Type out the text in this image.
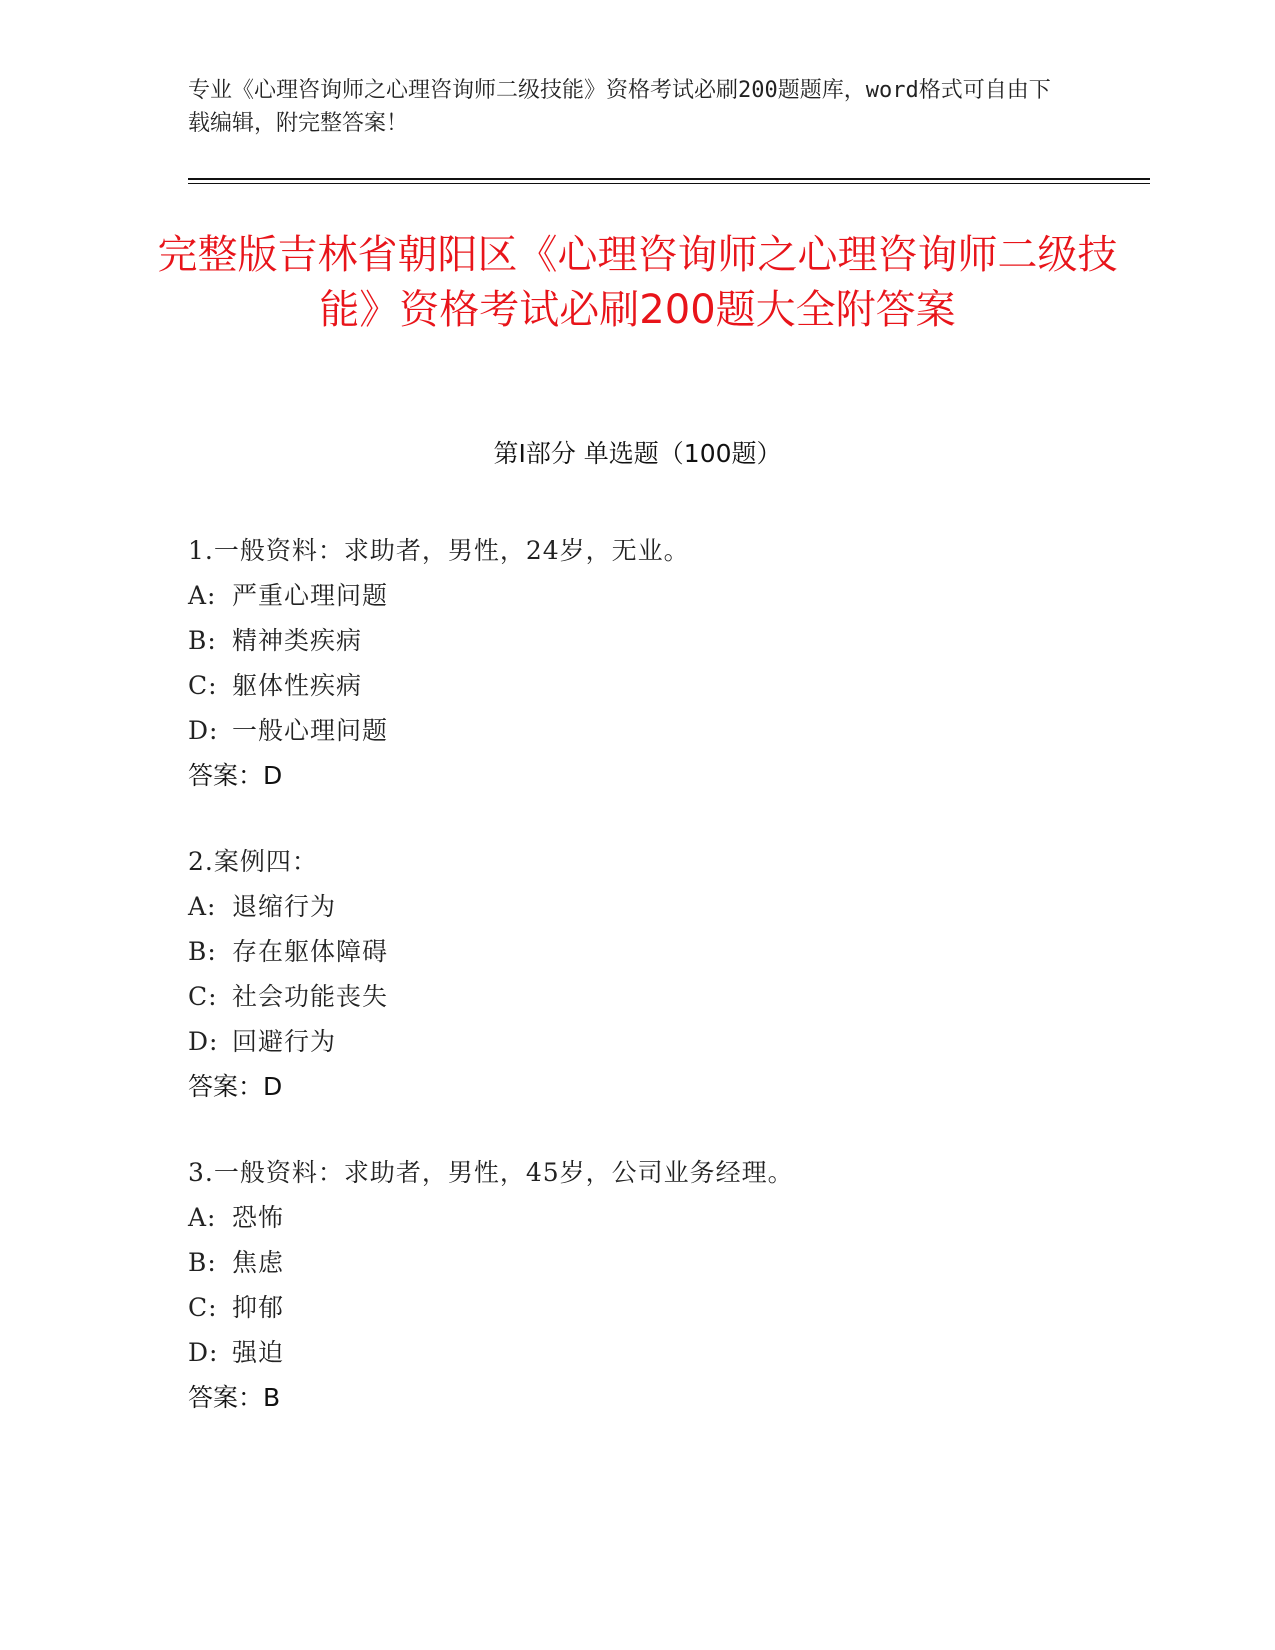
专业《心理咨询师之心理咨询师二级技能》资格考试必刷200题题库，word格式可自由下载编辑，附完整答案！
完整版吉林省朝阳区《心理咨询师之心理咨询师二级技能》资格考试必刷200题大全附答案
第Ⅰ部分 单选题（100题）
1.一般资料：求助者，男性，24岁，无业。
A: 严重心理问题
B: 精神类疾病
C: 躯体性疾病
D: 一般心理问题
答案：D
2.案例四：
A: 退缩行为
B: 存在躯体障碍
C: 社会功能丧失
D: 回避行为
答案：D
3.一般资料：求助者，男性，45岁，公司业务经理。
A: 恐怖
B: 焦虑
C: 抑郁
D: 强迫
答案：B
